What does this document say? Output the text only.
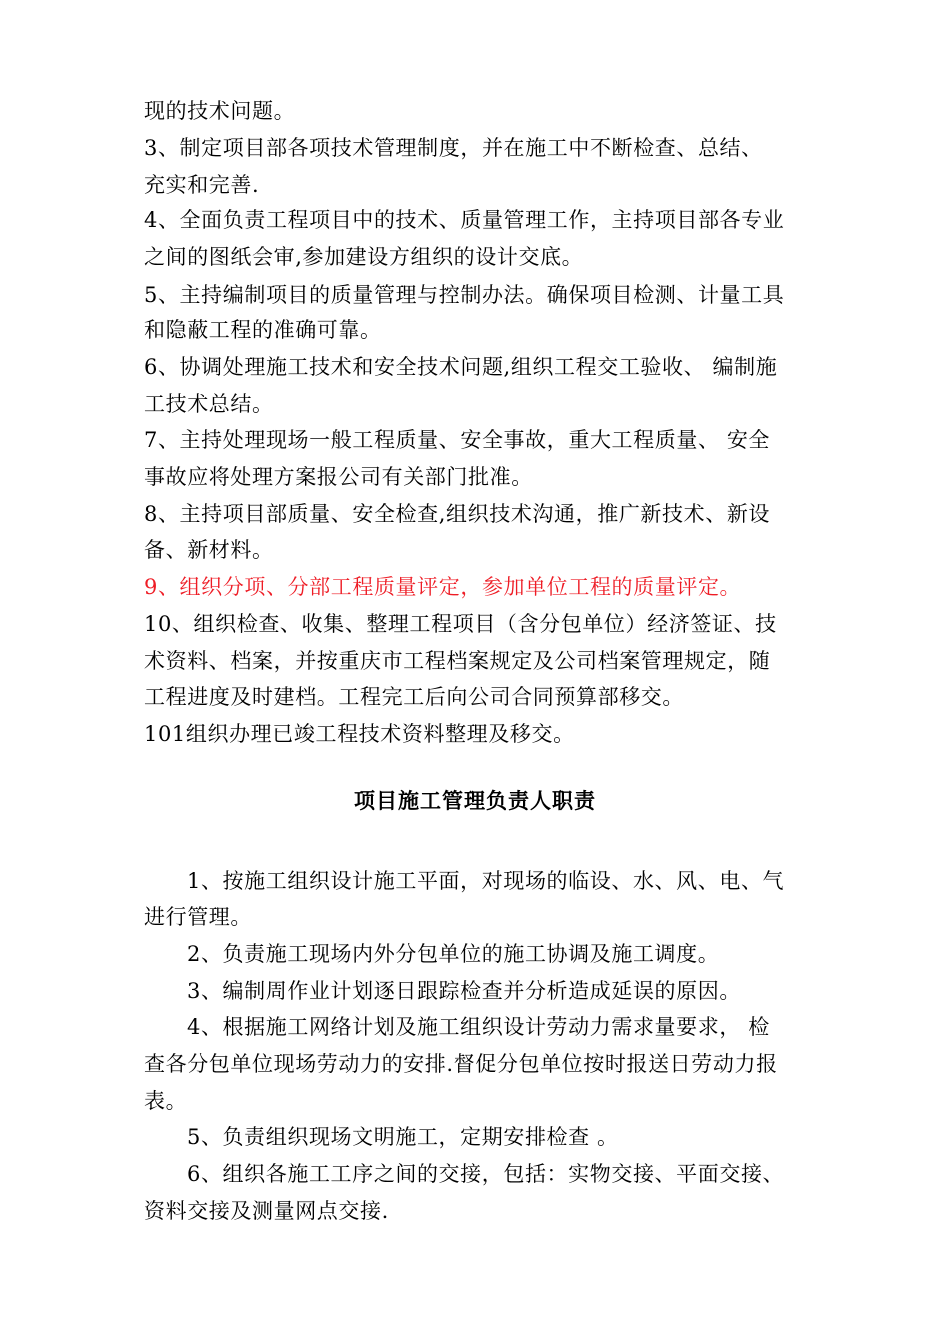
现的技术问题。
3、制定项目部各项技术管理制度，并在施工中不断检查、总结、
充实和完善.
4、全面负责工程项目中的技术、质量管理工作，主持项目部各专业
之间的图纸会审,参加建设方组织的设计交底。
5、主持编制项目的质量管理与控制办法。确保项目检测、计量工具
和隐蔽工程的准确可靠。
6、协调处理施工技术和安全技术问题,组织工程交工验收、 编制施
工技术总结。
7、主持处理现场一般工程质量、安全事故，重大工程质量、 安全
事故应将处理方案报公司有关部门批准。
8、主持项目部质量、安全检查,组织技术沟通，推广新技术、新设
备、新材料。
9、组织分项、分部工程质量评定，参加单位工程的质量评定。
10、组织检查、收集、整理工程项目（含分包单位）经济签证、技
术资料、档案，并按重庆市工程档案规定及公司档案管理规定，随
工程进度及时建档。工程完工后向公司合同预算部移交。
101组织办理已竣工程技术资料整理及移交。
项目施工管理负责人职责
1、按施工组织设计施工平面，对现场的临设、水、风、电、气
进行管理。
2、负责施工现场内外分包单位的施工协调及施工调度。
3、编制周作业计划逐日跟踪检查并分析造成延误的原因。
4、根据施工网络计划及施工组织设计劳动力需求量要求， 检
查各分包单位现场劳动力的安排.督促分包单位按时报送日劳动力报
表。
5、负责组织现场文明施工，定期安排检查 。
6、组织各施工工序之间的交接，包括：实物交接、平面交接、
资料交接及测量网点交接.
